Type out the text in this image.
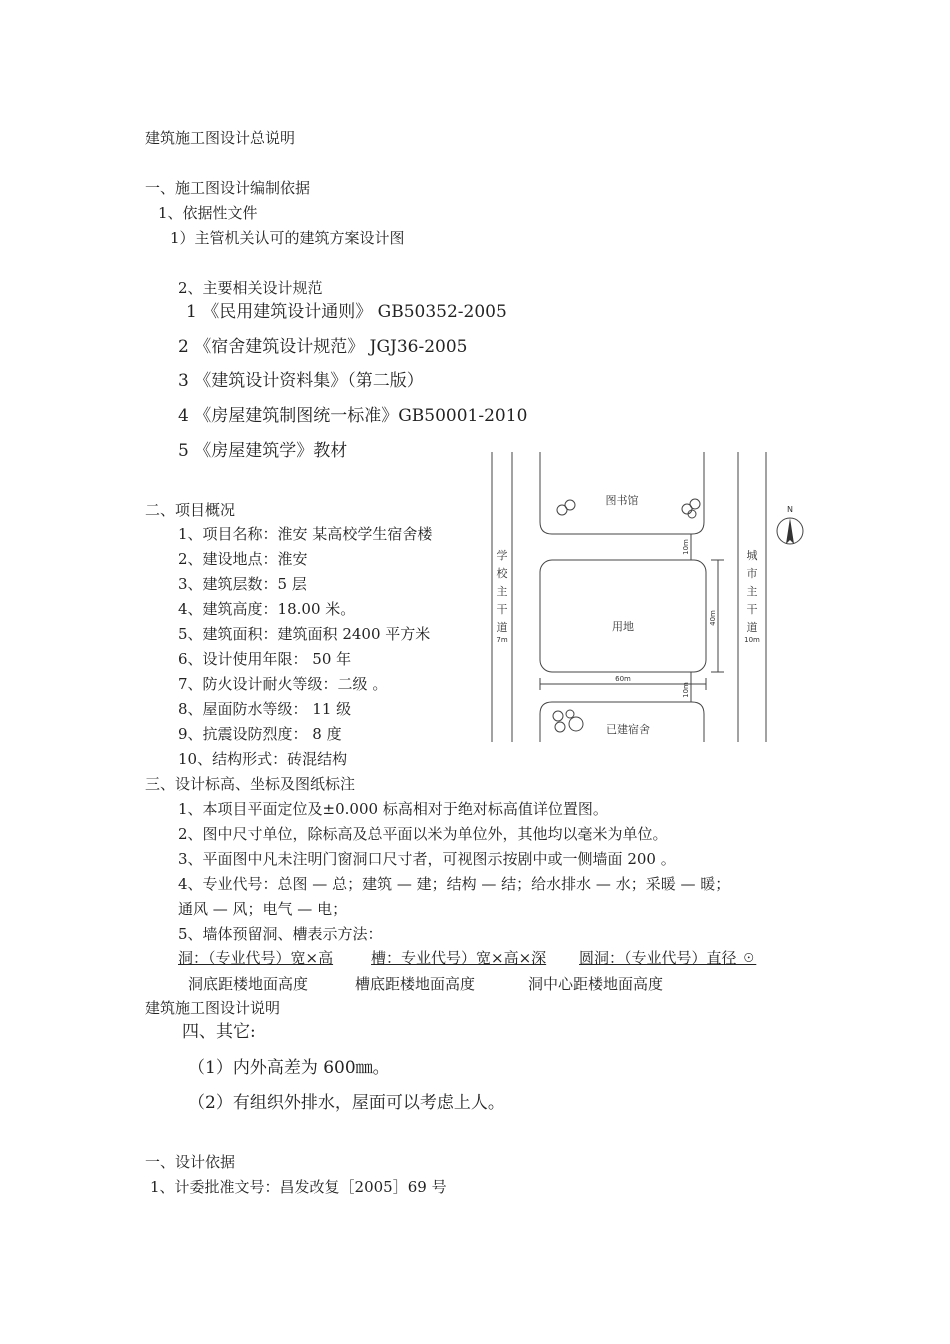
建筑施工图设计总说明
一、施工图设计编制依据
1、依据性文件
1）主管机关认可的建筑方案设计图
2、主要相关设计规范
1 《民用建筑设计通则》 GB50352-2005
2 《宿舍建筑设计规范》 JGJ36-2005
3 《建筑设计资料集》（第二版）
4 《房屋建筑制图统一标准》GB50001-2010
5 《房屋建筑学》教材
二、项目概况
1、项目名称：淮安 某高校学生宿舍楼
2、建设地点：淮安
3、建筑层数：5 层
4、建筑高度：18.00 米。
5、建筑面积：建筑面积 2400 平方米
6、设计使用年限： 50 年
7、防火设计耐火等级：二级 。
8、屋面防水等级： 11 级
9、抗震设防烈度： 8 度
10、结构形式：砖混结构
三、设计标高、坐标及图纸标注
1、本项目平面定位及±0.000 标高相对于绝对标高值详位置图。
2、图中尺寸单位，除标高及总平面以米为单位外，其他均以毫米为单位。
3、平面图中凡未注明门窗洞口尺寸者，可视图示按剧中或一侧墙面 200 。
4、专业代号：总图 — 总；建筑 — 建；结构 — 结；给水排水 — 水；采暖 — 暖；
通风 — 风；电气 — 电；
5、墙体预留洞、槽表示方法：
洞：（专业代号）宽×高	槽：专业代号）宽×高×深 圆洞：（专业代号）直径 ☉
洞底距楼地面高度	槽底距楼地面高度	洞中心距楼地面高度
建筑施工图设计说明
四、其它:
（1）内外高差为 600㎜。
（2）有组织外排水，屋面可以考虑上人。
一、设计依据
1、计委批准文号：昌发改复［2005］69 号
N
图书馆
用地
已建宿舍
学
校
主
干
道
7m
城
市
主
干
道
10m
10m
40m
60m
10m
